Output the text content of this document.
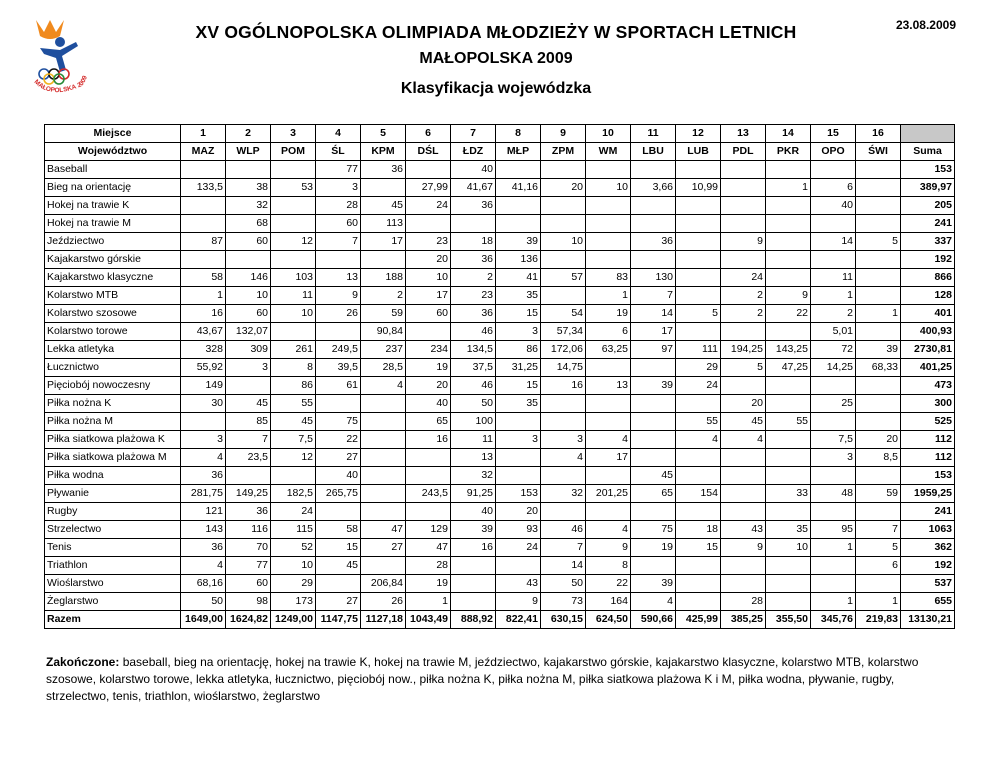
MAŁOPOLSKA 2009
23.08.2009
XV OGÓLNOPOLSKA OLIMPIADA MŁODZIEŻY W SPORTACH LETNICH
MAŁOPOLSKA 2009
Klasyfikacja wojewódzka
Miejsce	1	2	3	4	5	6	7	8	9	10	11	12	13	14	15	16	
Województwo	MAZ	WLP	POM	ŚL	KPM	DŚL	ŁDZ	MŁP	ZPM	WM	LBU	LUB	PDL	PKR	OPO	ŚWI	Suma
Baseball				77	36		40										153
Bieg na orientację	133,5	38	53	3		27,99	41,67	41,16	20	10	3,66	10,99		1	6		389,97
Hokej na trawie K		32		28	45	24	36								40		205
Hokej na trawie M		68		60	113												241
Jeździectwo	87	60	12	7	17	23	18	39	10		36		9		14	5	337
Kajakarstwo górskie						20	36	136									192
Kajakarstwo klasyczne	58	146	103	13	188	10	2	41	57	83	130		24		11		866
Kolarstwo MTB	1	10	11	9	2	17	23	35		1	7		2	9	1		128
Kolarstwo szosowe	16	60	10	26	59	60	36	15	54	19	14	5	2	22	2	1	401
Kolarstwo torowe	43,67	132,07			90,84		46	3	57,34	6	17				5,01		400,93
Lekka atletyka	328	309	261	249,5	237	234	134,5	86	172,06	63,25	97	111	194,25	143,25	72	39	2730,81
Łucznictwo	55,92	3	8	39,5	28,5	19	37,5	31,25	14,75			29	5	47,25	14,25	68,33	401,25
Pięciobój nowoczesny	149		86	61	4	20	46	15	16	13	39	24					473
Piłka nożna K	30	45	55			40	50	35					20		25		300
Piłka nożna M		85	45	75		65	100					55	45	55			525
Piłka siatkowa plażowa K	3	7	7,5	22		16	11	3	3	4		4	4		7,5	20	112
Piłka siatkowa plażowa M	4	23,5	12	27			13		4	17					3	8,5	112
Piłka wodna	36			40			32				45						153
Pływanie	281,75	149,25	182,5	265,75		243,5	91,25	153	32	201,25	65	154		33	48	59	1959,25
Rugby	121	36	24				40	20									241
Strzelectwo	143	116	115	58	47	129	39	93	46	4	75	18	43	35	95	7	1063
Tenis	36	70	52	15	27	47	16	24	7	9	19	15	9	10	1	5	362
Triathlon	4	77	10	45		28			14	8						6	192
Wioślarstwo	68,16	60	29		206,84	19		43	50	22	39						537
Żeglarstwo	50	98	173	27	26	1		9	73	164	4		28		1	1	655
Razem	1649,00	1624,82	1249,00	1147,75	1127,18	1043,49	888,92	822,41	630,15	624,50	590,66	425,99	385,25	355,50	345,76	219,83	13130,21
Zakończone: baseball, bieg na orientację, hokej na trawie K, hokej na trawie M, jeździectwo, kajakarstwo górskie, kajakarstwo klasyczne, kolarstwo MTB, kolarstwo szosowe, kolarstwo torowe, lekka atletyka, łucznictwo, pięciobój now., piłka nożna K, piłka nożna M, piłka siatkowa plażowa K i M, piłka wodna, pływanie, rugby, strzelectwo, tenis, triathlon, wioślarstwo, żeglarstwo
